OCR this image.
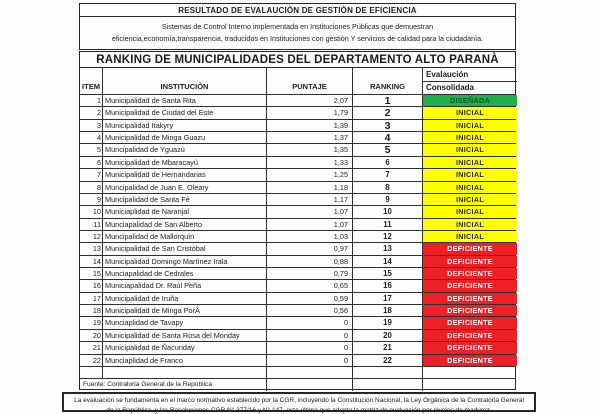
RESULTADO DE EVALAUCIÒN DE GESTIÒN DE EFICIENCIA
Sistemas de Control Interno implementada en Instituciones Pùblicas que demuestran
eficiencia,economìa,transparencia, traducidos en Instituciones con gestiòn Y servicios de calidad para la ciudadanìa.
RANKING DE MUNICIPALIDADES DEL DEPARTAMENTO ALTO PARANÀ
ITEM	INSTITUCIÒN	PUNTAJE	RANKING
Evalaución
Consolidada
1 Municipalidad de Santa Rita	2,07	1	DISEÑADA
2 Municipalidad de Ciudad del Este	1,79	2	INICIAL
3 Municipalidad Itakyry	1,39	3	INICIAL
4 Municipalidad de Minga Guazu	1,37	4	INICIAL
5 Muncipalidad de Yguazù	1,35	5	INICIAL
6 Municipalidad de Mbaracayù	1,33	6	INICIAL
7 Municipalidad de Hernandarias	1,25	7	INICIAL
8 Muncipalidad de Juan E. Oleary	1,18	8	INICIAL
9 Muncipalidad de Santa Fè	1,17	9	INICIAL
10 Municiaplidad de Naranjal	1,07	10	INICIAL
11 Munciapalidad de San Alberto	1,07	11	INICIAL
12 Muncipalidad de Mallorquìn	1,03	12	INICIAL
13 Municipalidad de San Cristòbal	0,97	13	DEFICIENTE
14 Municipalidad Domingo Martìnez Irala	0,88	14	DEFICIENTE
15 Munciapalidad de Cedrales	0,79	15	DEFICIENTE
16 Municiapalidad Dr. Raùl Peña	0,65	16	DEFICIENTE
17 Municipalidad de Iruña	0,59	17	DEFICIENTE
18 Municipalidad de Minga PorÂ	0,56	18	DEFICIENTE
19 Munciaplidad de Tavapy	0	19	DEFICIENTE
20 Municipalidad de Santa Rosa del Monday	0	20	DEFICIENTE
21 Municipalidad de Ñacunday	0	21	DEFICIENTE
22 Munciaplidad de Franco	0	22	DEFICIENTE
Fuente: Contraloria General de la República
La evaluación se fundamenta en el marco normativo establecido por la CGR, incluyendo la Constitución Nacional, la Ley Orgánica de la Contraloria General de la República, y las Resoluciones CGR N° 377/16 y N° 147, esta última que adopta la matriz de evaluación por niveles de madurez.
